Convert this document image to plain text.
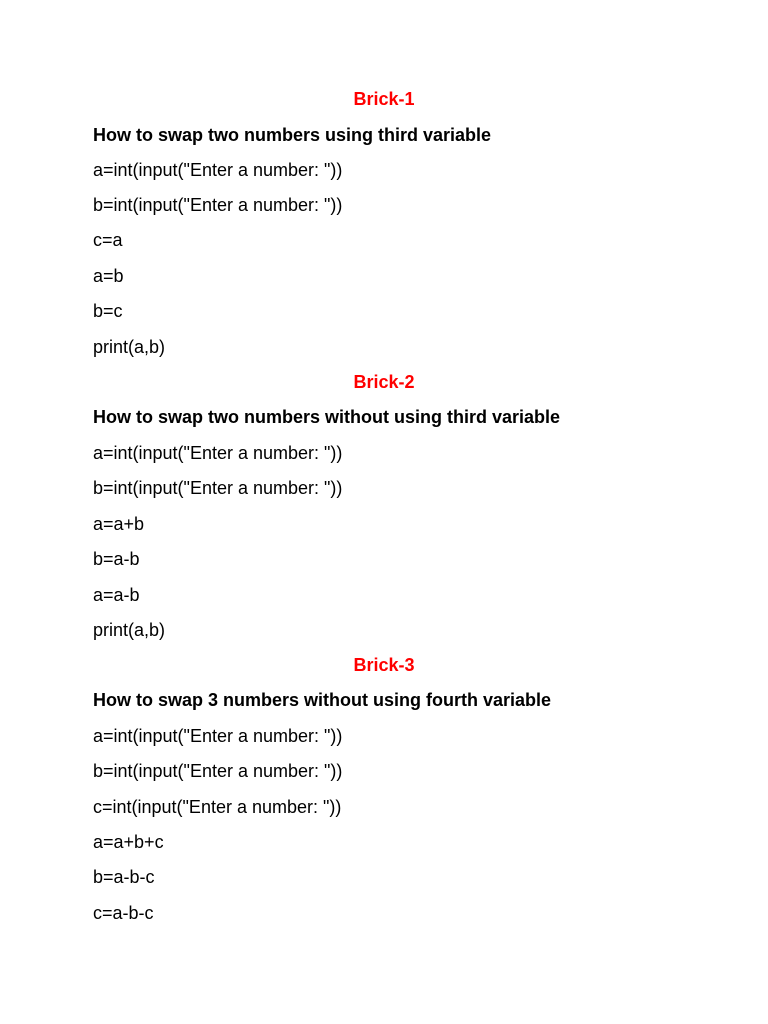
Brick-1
How to swap two numbers using third variable
a=int(input("Enter a number: "))
b=int(input("Enter a number: "))
c=a
a=b
b=c
print(a,b)
Brick-2
How to swap two numbers without using third variable
a=int(input("Enter a number: "))
b=int(input("Enter a number: "))
a=a+b
b=a-b
a=a-b
print(a,b)
Brick-3
How to swap 3 numbers without using fourth variable
a=int(input("Enter a number: "))
b=int(input("Enter a number: "))
c=int(input("Enter a number: "))
a=a+b+c
b=a-b-c
c=a-b-c
